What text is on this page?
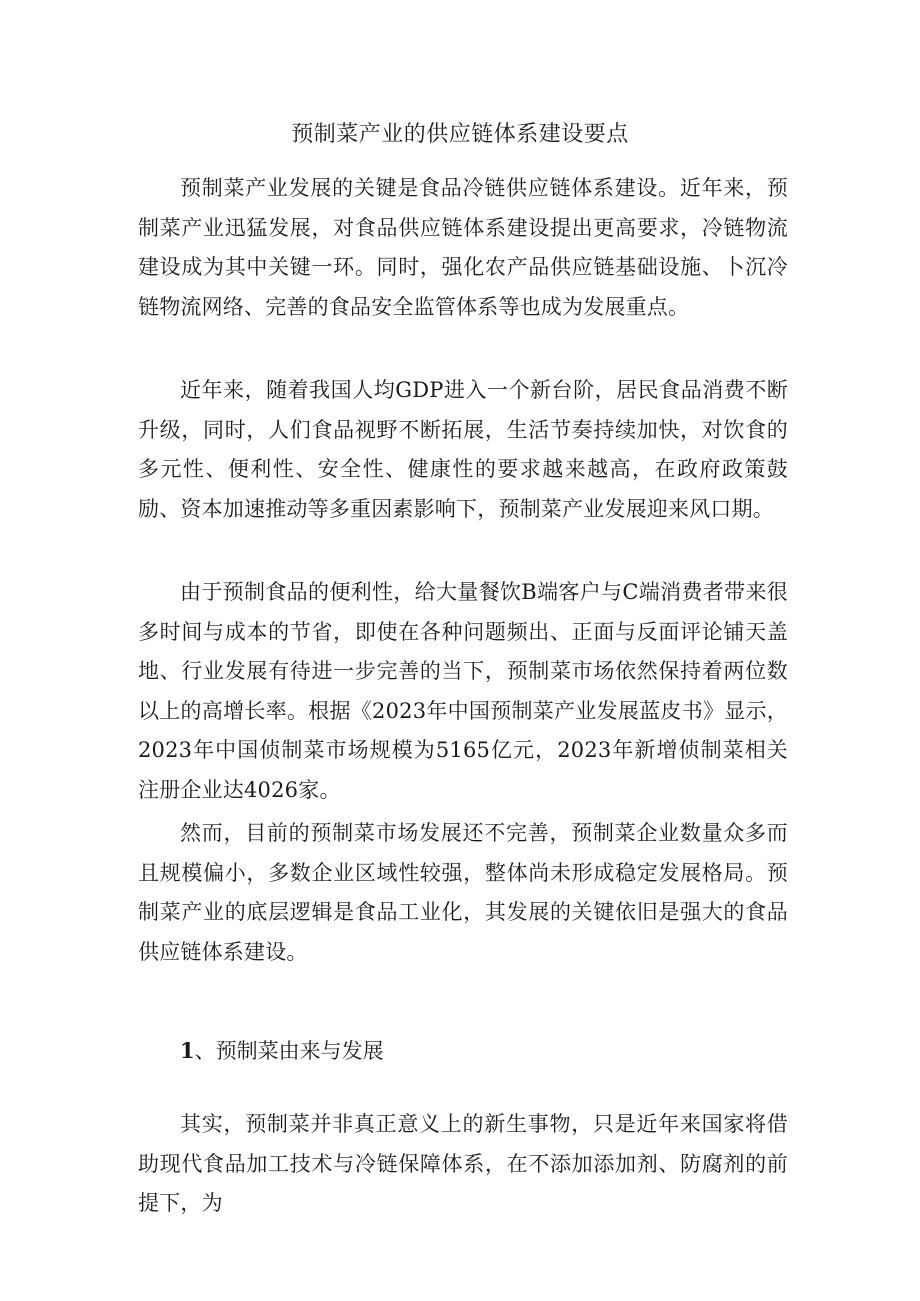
预制菜产业的供应链体系建设要点

预制菜产业发展的关键是食品冷链供应链体系建设。近年来，预制菜产业迅猛发展，对食品供应链体系建设提出更高要求，冷链物流建设成为其中关键一环。同时，强化农产品供应链基础设施、卜沉冷链物流网络、完善的食品安全监管体系等也成为发展重点。

近年来，随着我国人均GDP进入一个新台阶，居民食品消费不断升级，同时，人们食品视野不断拓展，生活节奏持续加快，对饮食的多元性、便利性、安全性、健康性的要求越来越高，在政府政策鼓励、资本加速推动等多重因素影响下，预制菜产业发展迎来风口期。

由于预制食品的便利性，给大量餐饮B端客户与C端消费者带来很多时间与成本的节省，即使在各种问题频出、正面与反面评论铺天盖地、行业发展有待进一步完善的当下，预制菜市场依然保持着两位数以上的高增长率。根据《2023年中国预制菜产业发展蓝皮书》显示，2023年中国侦制菜市场规模为5165亿元，2023年新增侦制菜相关注册企业达4026家。

然而，目前的预制菜市场发展还不完善，预制菜企业数量众多而且规模偏小，多数企业区域性较强，整体尚未形成稳定发展格局。预制菜产业的底层逻辑是食品工业化，其发展的关键依旧是强大的食品供应链体系建设。

1、预制菜由来与发展

其实，预制菜并非真正意义上的新生事物，只是近年来国家将借助现代食品加工技术与冷链保障体系，在不添加添加剂、防腐剂的前提下，为
